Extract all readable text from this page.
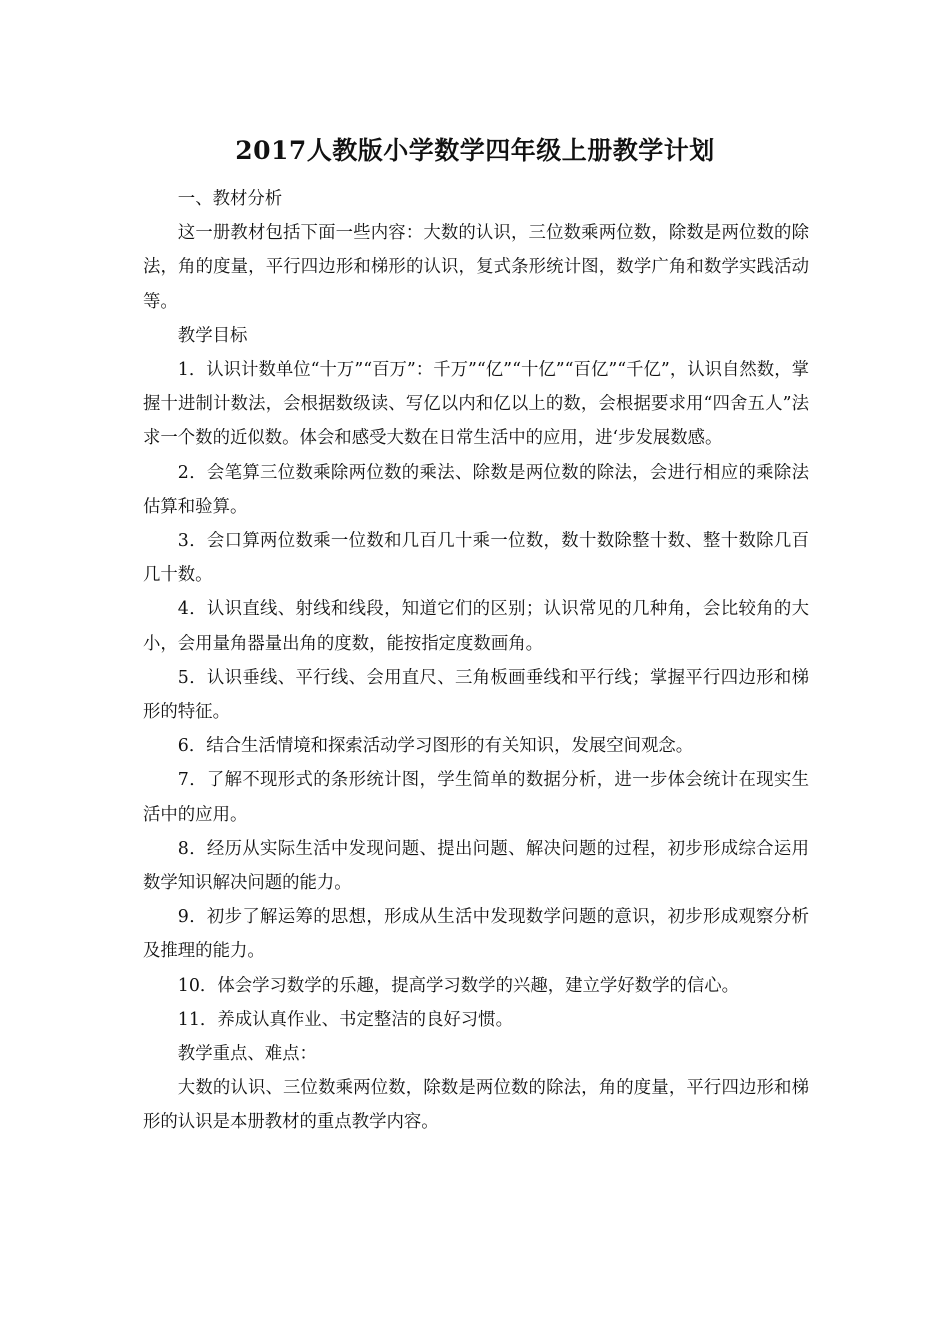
2017人教版小学数学四年级上册教学计划

一、教材分析

这一册教材包括下面一些内容：大数的认识，三位数乘两位数，除数是两位数的除法，角的度量，平行四边形和梯形的认识，复式条形统计图，数学广角和数学实践活动等。

教学目标

1．认识计数单位“十万”“百万”：千万”“亿”“十亿”“百亿”“千亿”，认识自然数，掌握十进制计数法，会根据数级读、写亿以内和亿以上的数，会根据要求用“四舍五人”法求一个数的近似数。体会和感受大数在日常生活中的应用，进‘步发展数感。

2．会笔算三位数乘除两位数的乘法、除数是两位数的除法，会进行相应的乘除法估算和验算。

3．会口算两位数乘一位数和几百几十乘一位数，数十数除整十数、整十数除几百几十数。

4．认识直线、射线和线段，知道它们的区别；认识常见的几种角，会比较角的大小，会用量角器量出角的度数，能按指定度数画角。

5．认识垂线、平行线、会用直尺、三角板画垂线和平行线；掌握平行四边形和梯形的特征。

6．结合生活情境和探索活动学习图形的有关知识，发展空间观念。

7．了解不现形式的条形统计图，学生简单的数据分析，进一步体会统计在现实生活中的应用。

8．经历从实际生活中发现问题、提出问题、解决问题的过程，初步形成综合运用数学知识解决问题的能力。

9．初步了解运筹的思想，形成从生活中发现数学问题的意识，初步形成观察分析及推理的能力。

10．体会学习数学的乐趣，提高学习数学的兴趣，建立学好数学的信心。

11．养成认真作业、书定整洁的良好习惯。

教学重点、难点：

大数的认识、三位数乘两位数，除数是两位数的除法，角的度量，平行四边形和梯形的认识是本册教材的重点教学内容。
